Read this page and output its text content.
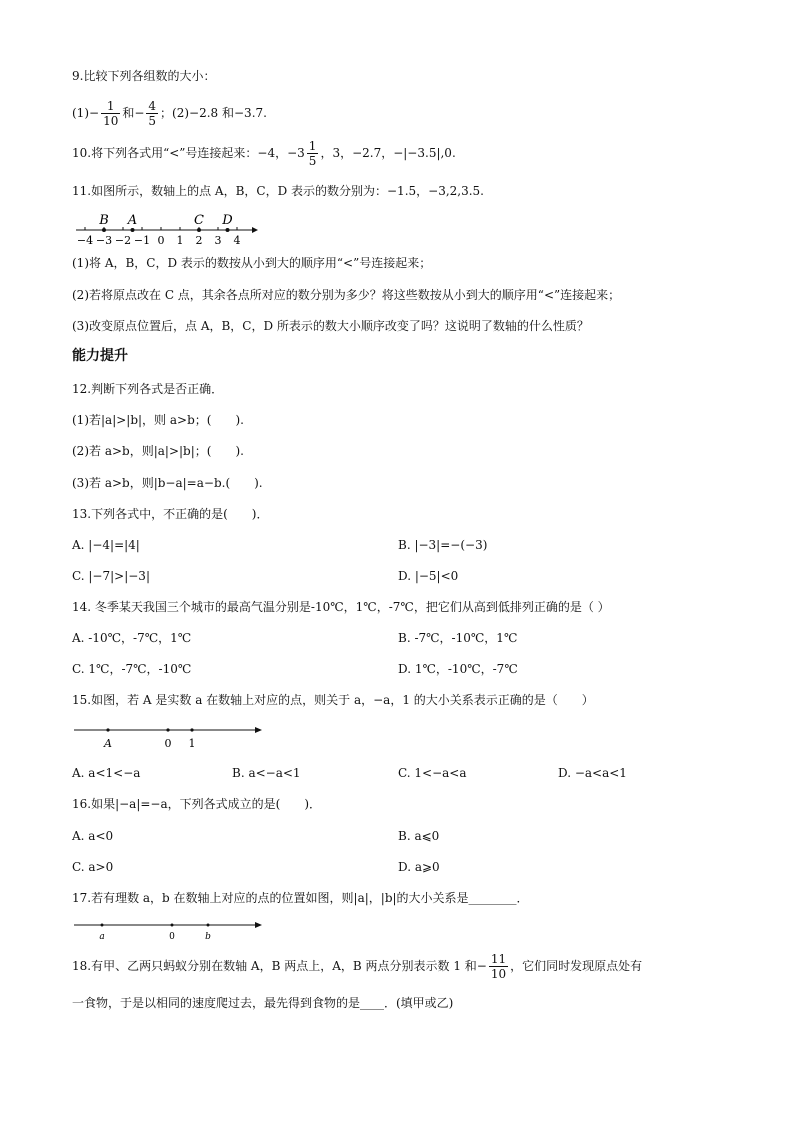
9.比较下列各组数的大小：
$(1)- \frac{1}{10}$ 和− $\frac{4}{5}$ ；(2)−2.8 和−3.7.
10.将下列各式用“<”号连接起来：−4，$-3 \frac{1}{5}$ ，3，−2.7，−|−3.5|,0.
11.如图所示，数轴上的点 A，B，C，D 表示的数分别为：−1.5，−3,2,3.5.
−4 −3 −2 −1 0 1 2 3 4
B A	C D
(1)将 A，B，C，D 表示的数按从小到大的顺序用“<”号连接起来；
(2)若将原点改在 C 点，其余各点所对应的数分别为多少？将这些数按从小到大的顺序用“<”连接起来；
(3)改变原点位置后，点 A，B，C，D 所表示的数大小顺序改变了吗？这说明了数轴的什么性质？
能力提升
12.判断下列各式是否正确．
(1)若|a|>|b|，则 a>b；(　　).
(2)若 a>b，则|a|>|b|；(　　).
(3)若 a>b，则|b−a|=a−b.(　　).
13.下列各式中，不正确的是(　　)．
A. |−4|=|4|	B. |−3|=−(−3)
C. |−7|>|−3|	D. |−5|<0
14. 冬季某天我国三个城市的最高气温分别是-10℃，1℃，-7℃，把它们从高到低排列正确的是（ ）
A. -10℃，-7℃，1℃	B. -7℃，-10℃，1℃
C. 1℃，-7℃，-10℃	D. 1℃，-10℃，-7℃
15.如图，若 A 是实数 a 在数轴上对应的点，则关于 a，−a，1 的大小关系表示正确的是（　　）
A	0 1
A. a<1<−a	B. a<−a<1	C. 1<−a<a	D. −a<a<1
16.如果|−a|=−a，下列各式成立的是(　　)．
A. a<0	B. a⩽0
C. a>0	D. a⩾0
17.若有理数 a，b 在数轴上对应的点的位置如图，则|a|，|b|的大小关系是________．
a	0	b
18.有甲、乙两只蚂蚁分别在数轴 A，B 两点上，A，B 两点分别表示数 1 和− $\frac{11}{10}$ ，它们同时发现原点处有
一食物，于是以相同的速度爬过去，最先得到食物的是____．(填甲或乙)
